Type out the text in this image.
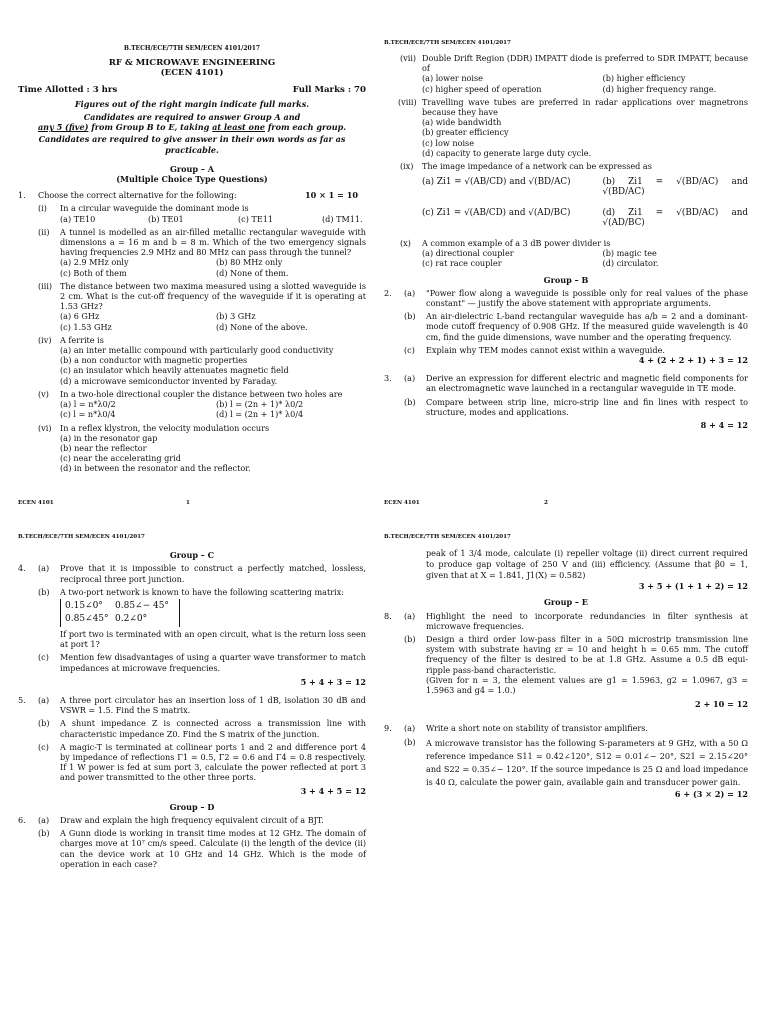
B.TECH/ECE/7TH SEM/ECEN 4101/2017
RF & MICROWAVE ENGINEERING
(ECEN 4101)
Time Allotted : 3 hrs	Full Marks : 70
Figures out of the right margin indicate full marks.
Candidates are required to answer Group A and
any 5 (five) from Group B to E, taking at least one from each group.
Candidates are required to give answer in their own words as far as practicable.
Group – A
(Multiple Choice Type Questions)
1.	Choose the correct alternative for the following:	10 × 1 = 10
(i)	In a circular waveguide the dominant mode is
(a) TE10	(b) TE01	(c) TE11	(d) TM11.
(ii)	A tunnel is modelled as an air-filled metallic rectangular waveguide with dimensions a = 16 m and b = 8 m. Which of the two emergency signals having frequencies 2.9 MHz and 80 MHz can pass through the tunnel?
(a) 2.9 MHz only	(b) 80 MHz only
(c) Both of them	(d) None of them.
(iii) The distance between two maxima measured using a slotted waveguide is 2 cm. What is the cut-off frequency of the waveguide if it is operating at 1.53 GHz?
(a) 6 GHz	(b) 3 GHz
(c) 1.53 GHz	(d) None of the above.
(iv)	A ferrite is
(a) an inter metallic compound with particularly good conductivity
(b) a non conductor with magnetic properties
(c) an insulator which heavily attenuates magnetic field
(d) a microwave semiconductor invented by Faraday.
(v)	In a two-hole directional coupler the distance between two holes are
(a) l = n*λ0/2	(b) l = (2n + 1)* λ0/2
(c) l = n*λ0/4	(d) l = (2n + 1)* λ0/4
(vi)	In a reflex klystron, the velocity modulation occurs
(a) in the resonator gap
(b) near the reflector
(c) near the accelerating grid
(d) in between the resonator and the reflector.
ECEN 4101	1
B.TECH/ECE/7TH SEM/ECEN 4101/2017
(vii) Double Drift Region (DDR) IMPATT diode is preferred to SDR IMPATT, because of
(a) lower noise	(b) higher efficiency
(c) higher speed of operation	(d) higher frequency range.
(viii) Travelling wave tubes are preferred in radar applications over magnetrons because they have
(a) wide bandwidth
(b) greater efficiency
(c) low noise
(d) capacity to generate large duty cycle.
(ix)	The image impedance of a network can be expressed as
(a) Zi1 = √(AB/CD) and √(BD/AC)	(b) Zi1 = √(BD/AC) and √(BD/AC)
(c) Zi1 = √(AB/CD) and √(AD/BC)	(d) Zi1 = √(BD/AC) and √(AD/BC)
(x)	A common example of a 3 dB power divider is
(a) directional coupler	(b) magic tee
(c) rat race coupler	(d) circulator.
Group – B
2.	(a)	"Power flow along a waveguide is possible only for real values of the phase constant" — justify the above statement with appropriate arguments.
(b)	An air-dielectric L-band rectangular waveguide has a/b = 2 and a dominant-mode cutoff frequency of 0.908 GHz. If the measured guide wavelength is 40 cm, find the guide dimensions, wave number and the operating frequency.
(c)	Explain why TEM modes cannot exist within a waveguide.
4 + (2 + 2 + 1) + 3 = 12
3.	(a)	Derive an expression for different electric and magnetic field components for an electromagnetic wave launched in a rectangular waveguide in TE mode.
(b)	Compare between strip line, micro-strip line and fin lines with respect to structure, modes and applications.
8 + 4 = 12
ECEN 4101	2
B.TECH/ECE/7TH SEM/ECEN 4101/2017
Group – C
4.	(a)	Prove that it is impossible to construct a perfectly matched, lossless, reciprocal three port junction.
(b)	A two-port network is known to have the following scattering matrix:
0.15∠0°	0.85∠− 45°
0.85∠45° 0.2∠0°
If port two is terminated with an open circuit, what is the return loss seen at port 1?
(c)	Mention few disadvantages of using a quarter wave transformer to match impedances at microwave frequencies.
5 + 4 + 3 = 12
5.	(a)	A three port circulator has an insertion loss of 1 dB, isolation 30 dB and VSWR = 1.5. Find the S matrix.
(b)	A shunt impedance Z is connected across a transmission line with characteristic impedance Z0. Find the S matrix of the junction.
(c)	A magic-T is terminated at collinear ports 1 and 2 and difference port 4 by impedance of reflections Γ1 = 0.5, Γ2 = 0.6 and Γ4 = 0.8 respectively. If 1 W power is fed at sum port 3, calculate the power reflected at port 3 and power transmitted to the other three ports.
3 + 4 + 5 = 12
Group – D
6.	(a)	Draw and explain the high frequency equivalent circuit of a BJT.
(b)	A Gunn diode is working in transit time modes at 12 GHz. The domain of charges move at 10⁷ cm/s speed. Calculate (i) the length of the device (ii) can the device work at 10 GHz and 14 GHz. Which is the mode of operation in each case?
B.TECH/ECE/7TH SEM/ECEN 4101/2017
peak of 1 3/4 mode, calculate (i) repeller voltage (ii) direct current required to produce gap voltage of 250 V and (iii) efficiency. (Assume that β0 = 1, given that at X = 1.841, J1(X) = 0.582)
3 + 5 + (1 + 1 + 2) = 12
Group – E
8.	(a)	Highlight the need to incorporate redundancies in filter synthesis at microwave frequencies.
(b)	Design a third order low-pass filter in a 50Ω microstrip transmission line system with substrate having εr = 10 and height h = 0.65 mm. The cutoff frequency of the filter is desired to be at 1.8 GHz. Assume a 0.5 dB equi-ripple pass-band characteristic.
(Given for n = 3, the element values are g1 = 1.5963, g2 = 1.0967, g3 = 1.5963 and g4 = 1.0.)
2 + 10 = 12
9.	(a)	Write a short note on stability of transistor amplifiers.
(b)	A microwave transistor has the following S-parameters at 9 GHz, with a 50 Ω reference impedance S11 = 0.42∠120°, S12 = 0.01∠− 20°, S21 = 2.15∠20° and S22 = 0.35∠− 120°. If the source impedance is 25 Ω and load impedance is 40 Ω, calculate the power gain, available gain and transducer power gain.
6 + (3 × 2) = 12
